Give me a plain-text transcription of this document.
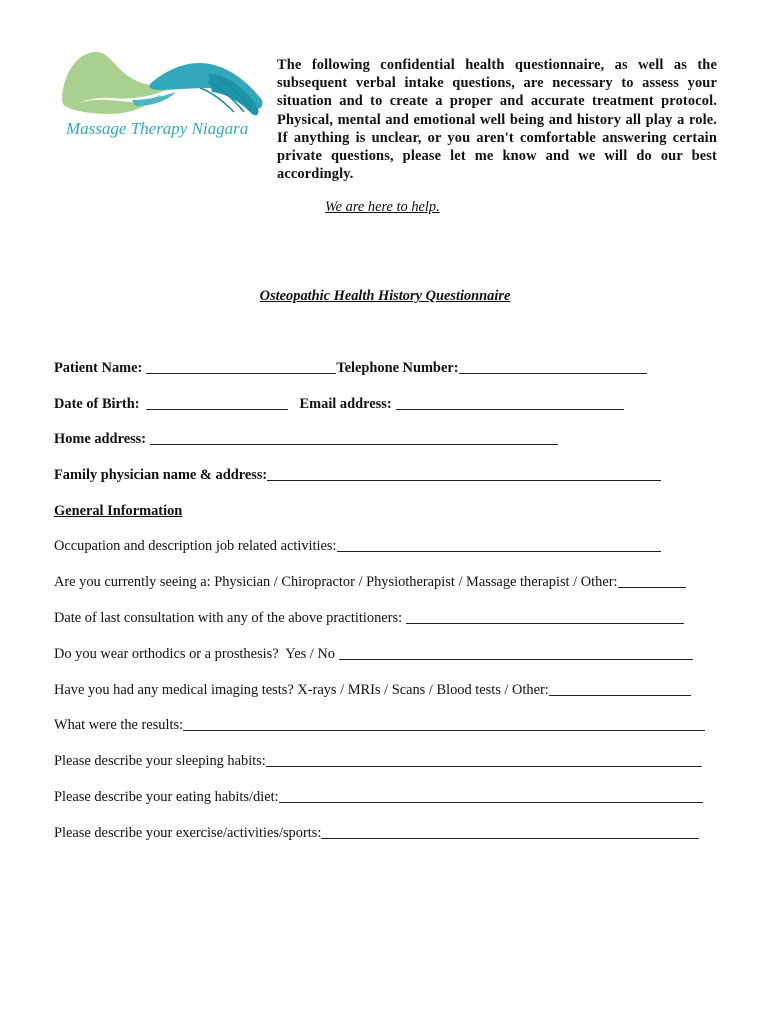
Massage Therapy Niagara
The following confidential health questionnaire, as well as the subsequent verbal intake questions, are necessary to assess your situation and to create a proper and accurate treatment protocol. Physical, mental and emotional well being and history all play a role. If anything is unclear, or you aren't comfortable answering certain private questions, please let me know and we will do our best accordingly.
We are here to help.
Osteopathic Health History Questionnaire
Patient Name:	Telephone Number:
Date of Birth:	Email address:
Home address:
Family physician name & address:
General Information
Occupation and description job related activities:
Are you currently seeing a: Physician / Chiropractor / Physiotherapist / Massage therapist / Other:
Date of last consultation with any of the above practitioners:
Do you wear orthodics or a prosthesis?  Yes / No
Have you had any medical imaging tests? X-rays / MRIs / Scans / Blood tests / Other:
What were the results:
Please describe your sleeping habits:
Please describe your eating habits/diet:
Please describe your exercise/activities/sports:
